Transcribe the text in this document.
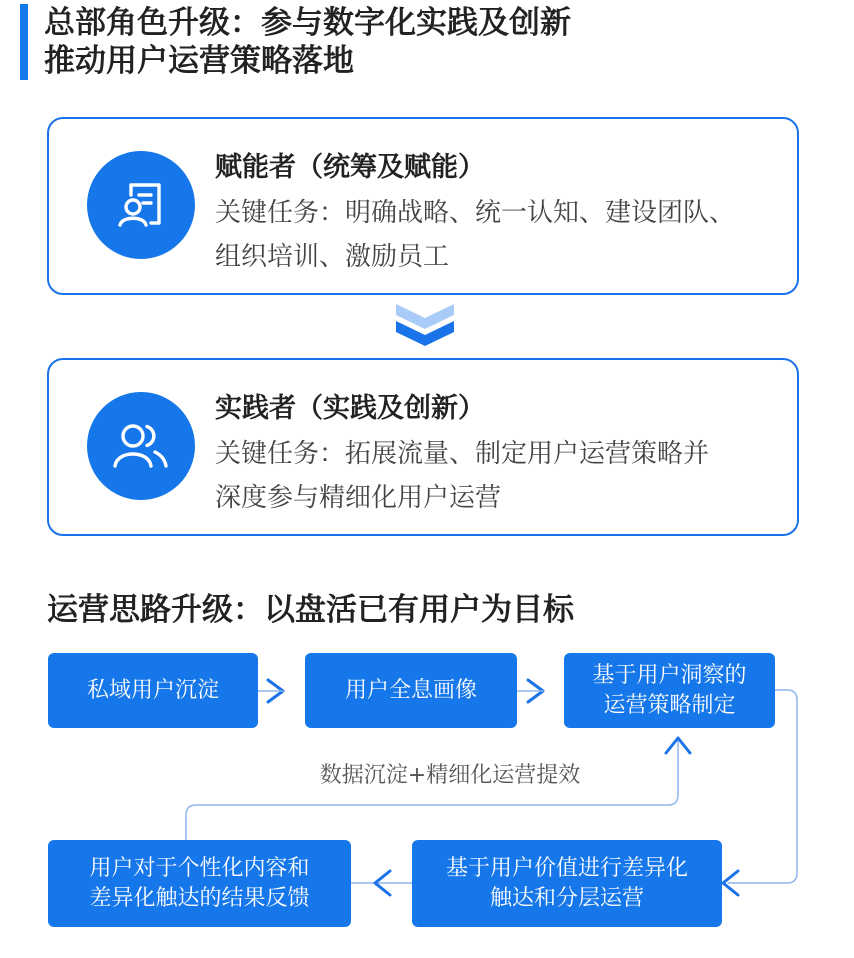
总部角色升级：参与数字化实践及创新
推动用户运营策略落地
赋能者（统筹及赋能）
关键任务：明确战略、统一认知、建设团队、
组织培训、激励员工
实践者（实践及创新）
关键任务：拓展流量、制定用户运营策略并
深度参与精细化用户运营
运营思路升级：以盘活已有用户为目标
私域用户沉淀	用户全息画像
基于用户洞察的
运营策略制定
基于用户价值进行差异化
触达和分层运营
用户对于个性化内容和
差异化触达的结果反馈
数据沉淀+精细化运营提效
